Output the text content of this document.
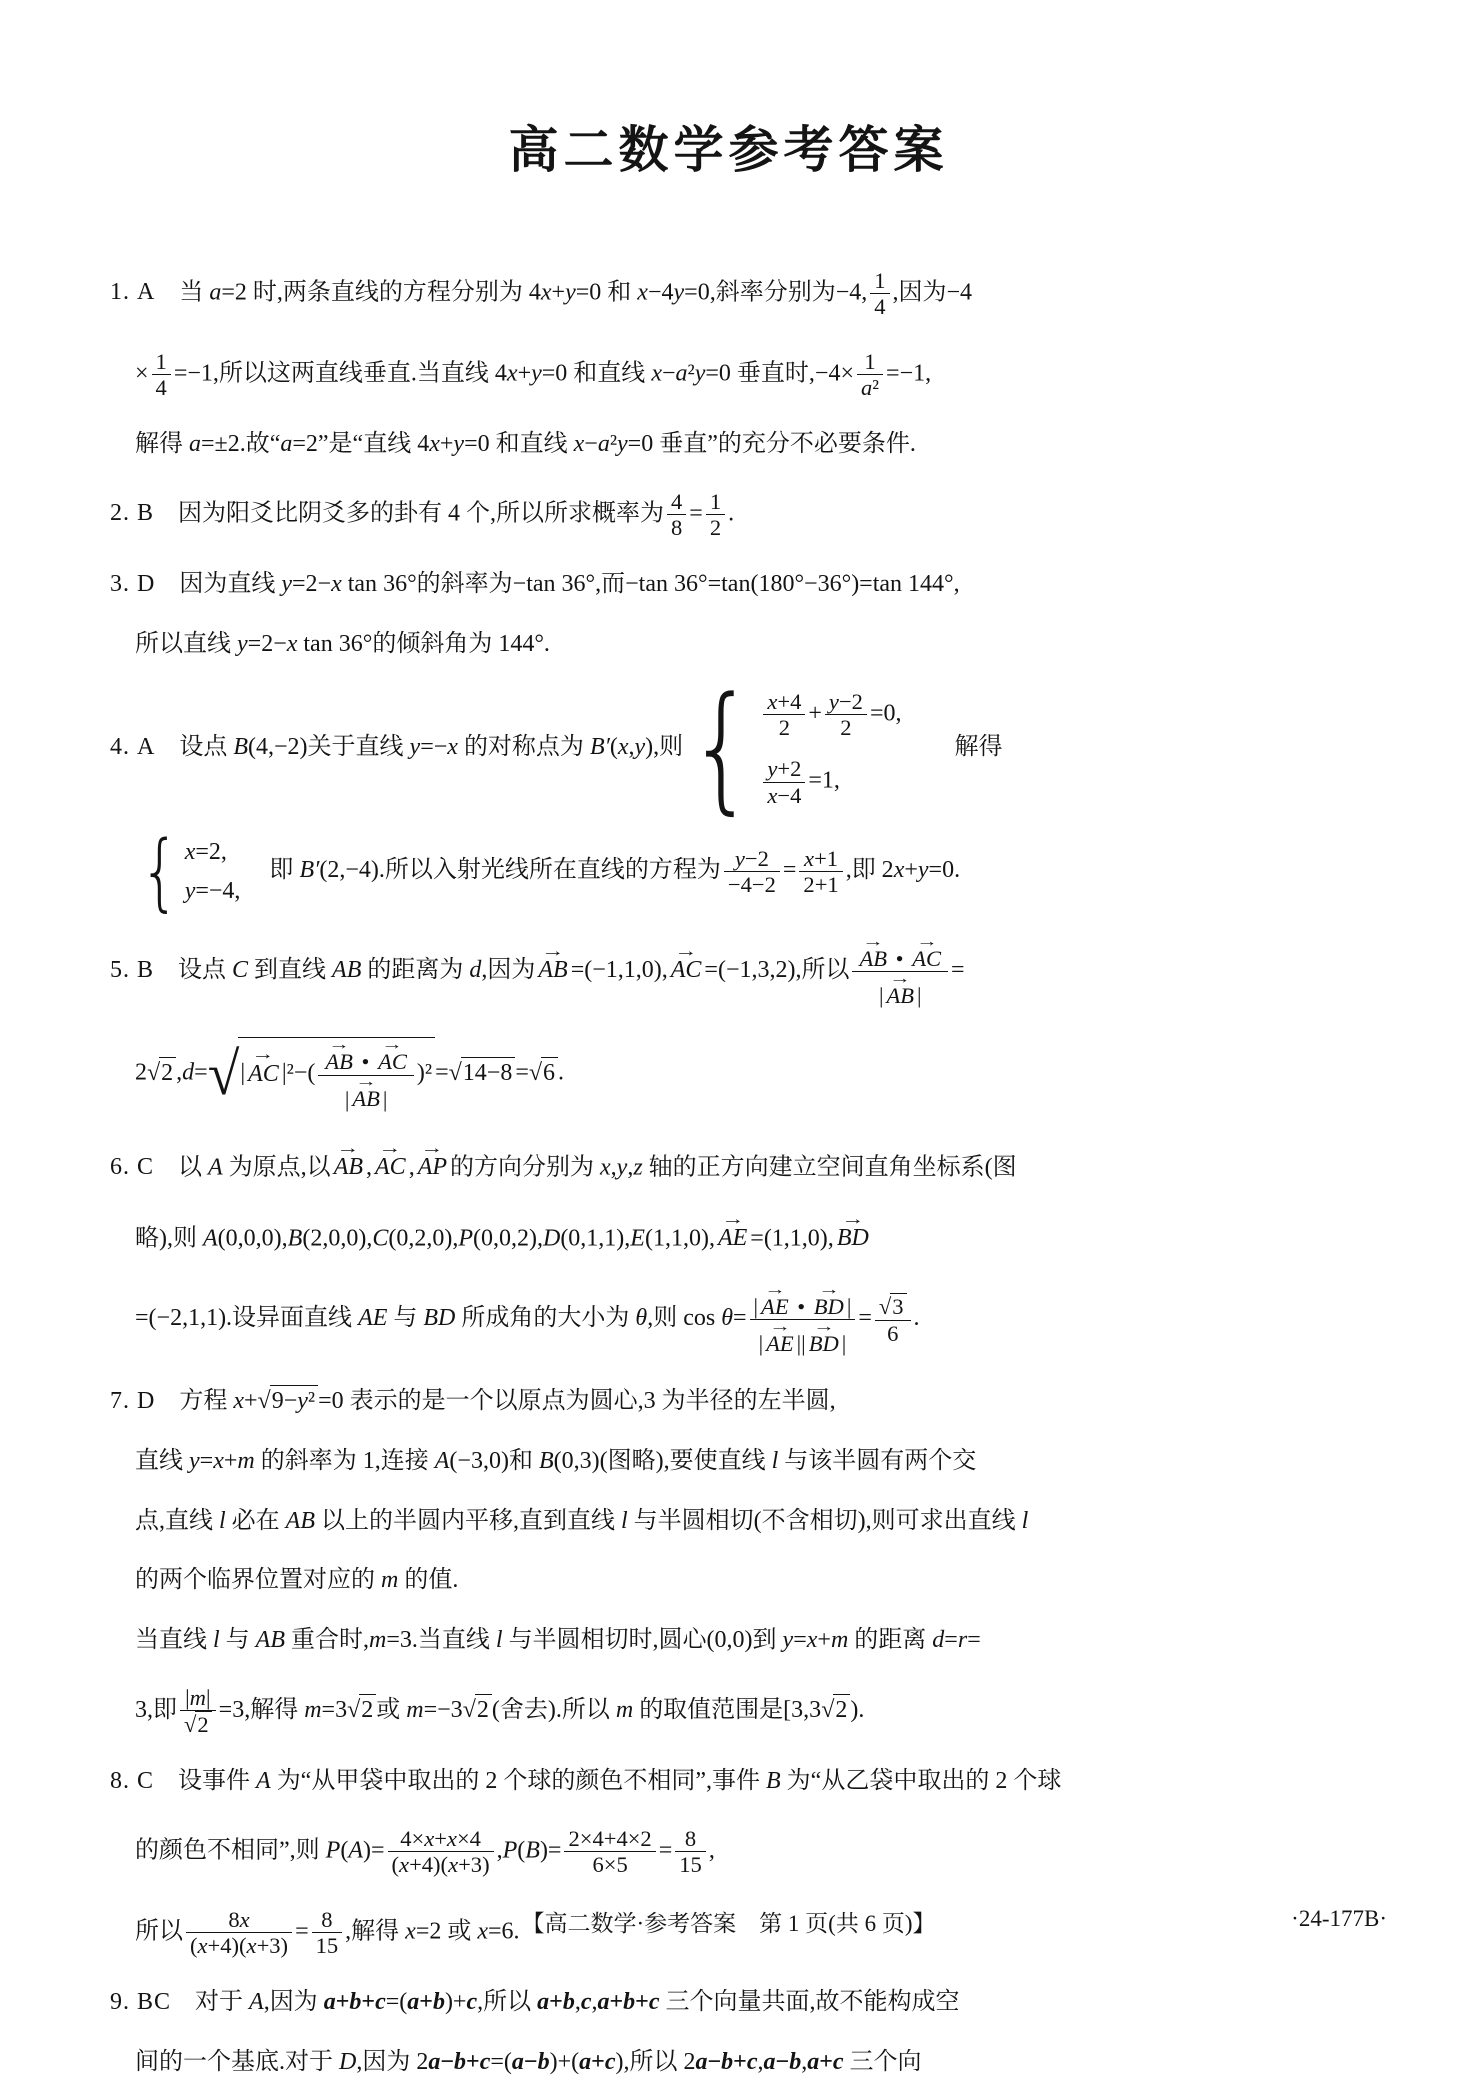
高二数学参考答案
1. A 当 a=2 时,两条直线的方程分别为 4x+y=0 和 x−4y=0,斜率分别为−4, $\frac{1}{4}$ ,因为−4
× $\frac{1}{4} =-1$,所以这两直线垂直.当直线 4x+y=0 和直线 x−a²y=0 垂直时$,-4\times \frac{1}{\text{a²}} =-1$,
解得 a=±2.故“a=2”是“直线 4x+y=0 和直线 x−a²y=0 垂直”的充分不必要条件.
2. B 因为阳爻比阴爻多的卦有 4 个,所以所求概率为 $\frac{4}{8} = \frac{1}{2}$ .
3. D 因为直线 y=2−x tan 36°的斜率为−tan 36°,而−tan 36°=tan(180°−36°)=tan 144°,
所以直线 y=2−x tan 36°的倾斜角为 144°.
4. A 设点 B(4,−2)关于直线 y=−x 的对称点为 B′(x,y),则 { $\frac{x+4}{2} + \frac{y-2}{2} =0$,
$\frac{y+2}{x-4} =1$,
　　解得
{ x=2,
y=−4,
　即 B′(2,−4).所以入射光线所在直线的方程为 $\frac{y-2}{-4-2} = \frac{x+1}{2+1}$ ,即 2x+y=0.
5. B 设点 C 到直线 AB 的距离为 d,因为 → AB =(−1,1,0), → AC =(−1,3,2),所以 → $\frac{AB • \to AC}{| \to AB |}$ =
2√2 ,d= √ | → AC $|^2-( \to \frac{AB • \to AC}{| \to AB |} )^2 =√14-8 =√6$ .
6. C 以 A 为原点,以 → AB , → AC , → AP 的方向分别为 x,y,z 轴的正方向建立空间直角坐标系(图
略),则 A(0,0,0),B(2,0,0),C(0,2,0),P(0,0,2),D(0,1,1),E(1,1,0), → AE =(1,1,0), → BD
=(−2,1,1).设异面直线 AE 与 BD 所成角的大小为 θ,则 $\cos \theta= \frac{| \to AE • \to BD |}{| \to AE || \to BD |} = \frac{√3}{6}$ .
7. D 方程 x+√9−y² =0 表示的是一个以原点为圆心,3 为半径的左半圆,
直线 y=x+m 的斜率为 1,连接 A(−3,0)和 B(0,3)(图略),要使直线 l 与该半圆有两个交
点,直线 l 必在 AB 以上的半圆内平移,直到直线 l 与半圆相切(不含相切),则可求出直线 l
的两个临界位置对应的 m 的值.
当直线 l 与 AB 重合时,m=3.当直线 l 与半圆相切时,圆心(0,0)到 y=x+m 的距离 d=r=
3,即 $\frac{|m|}{√2} =3$,解得 m=3√2 或 m=−3√2 (舍去).所以 m 的取值范围是[3,3√2 ).
8. C 设事件 A 为“从甲袋中取出的 2 个球的颜色不相同”,事件 B 为“从乙袋中取出的 2 个球
的颜色不相同”,则 $P(A)= \frac{4\times x+x\times 4}{(x+4)(x+3)} ,P(B)= \frac{2\times 4+4\times 2}{6\times 5} = \frac{8}{15}$ ,
所以 $\frac{8x}{(x+4)(x+3)} = \frac{8}{15}$ ,解得 x=2 或 x=6.
9. BC 对于 A,因为 a+b+c=(a+b)+c,所以 a+b,c,a+b+c 三个向量共面,故不能构成空
间的一个基底.对于 D,因为 2a−b+c=(a−b)+(a+c),所以 2a−b+c,a−b,a+c 三个向
【高二数学·参考答案　第 1 页(共 6 页)】	·24-177B·
